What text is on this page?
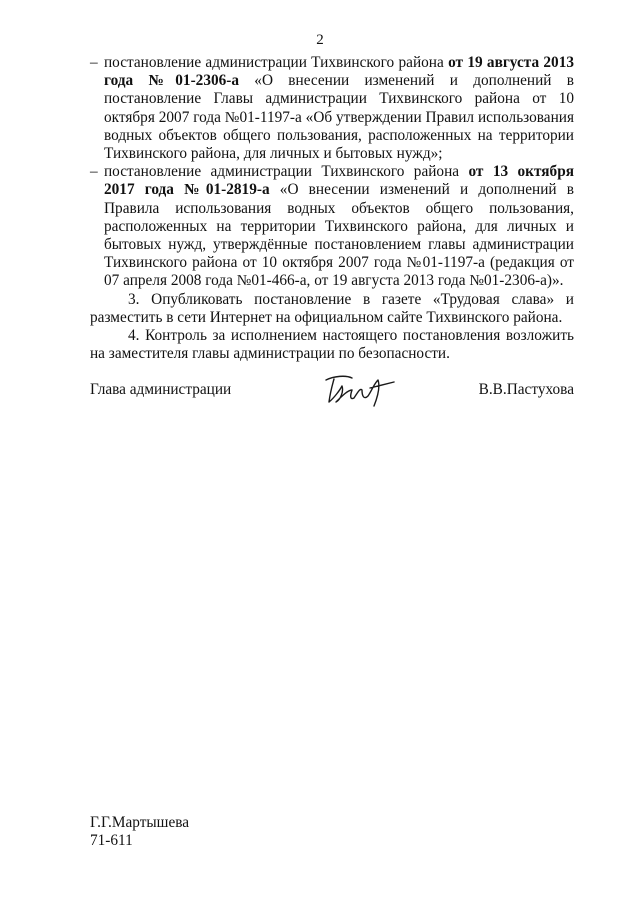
2

– постановление администрации Тихвинского района от 19 августа 2013 года №01-2306-а «О внесении изменений и дополнений в постановление Главы администрации Тихвинского района от 10 октября 2007 года №01-1197-а «Об утверждении Правил использования водных объектов общего пользования, расположенных на территории Тихвинского района, для личных и бытовых нужд»;

– постановление администрации Тихвинского района от 13 октября 2017 года №01-2819-а «О внесении изменений и дополнений в Правила использования водных объектов общего пользования, расположенных на территории Тихвинского района, для личных и бытовых нужд, утверждённые постановлением главы администрации Тихвинского района от 10 октября 2007 года №01-1197-а (редакция от 07 апреля 2008 года №01-466-а, от 19 августа 2013 года №01-2306-а)».

3. Опубликовать постановление в газете «Трудовая слава» и разместить в сети Интернет на официальном сайте Тихвинского района.

4. Контроль за исполнением настоящего постановления возложить на заместителя главы администрации по безопасности.

Глава администрации	В.В.Пастухова
Г.Г.Мартышева
71-611
